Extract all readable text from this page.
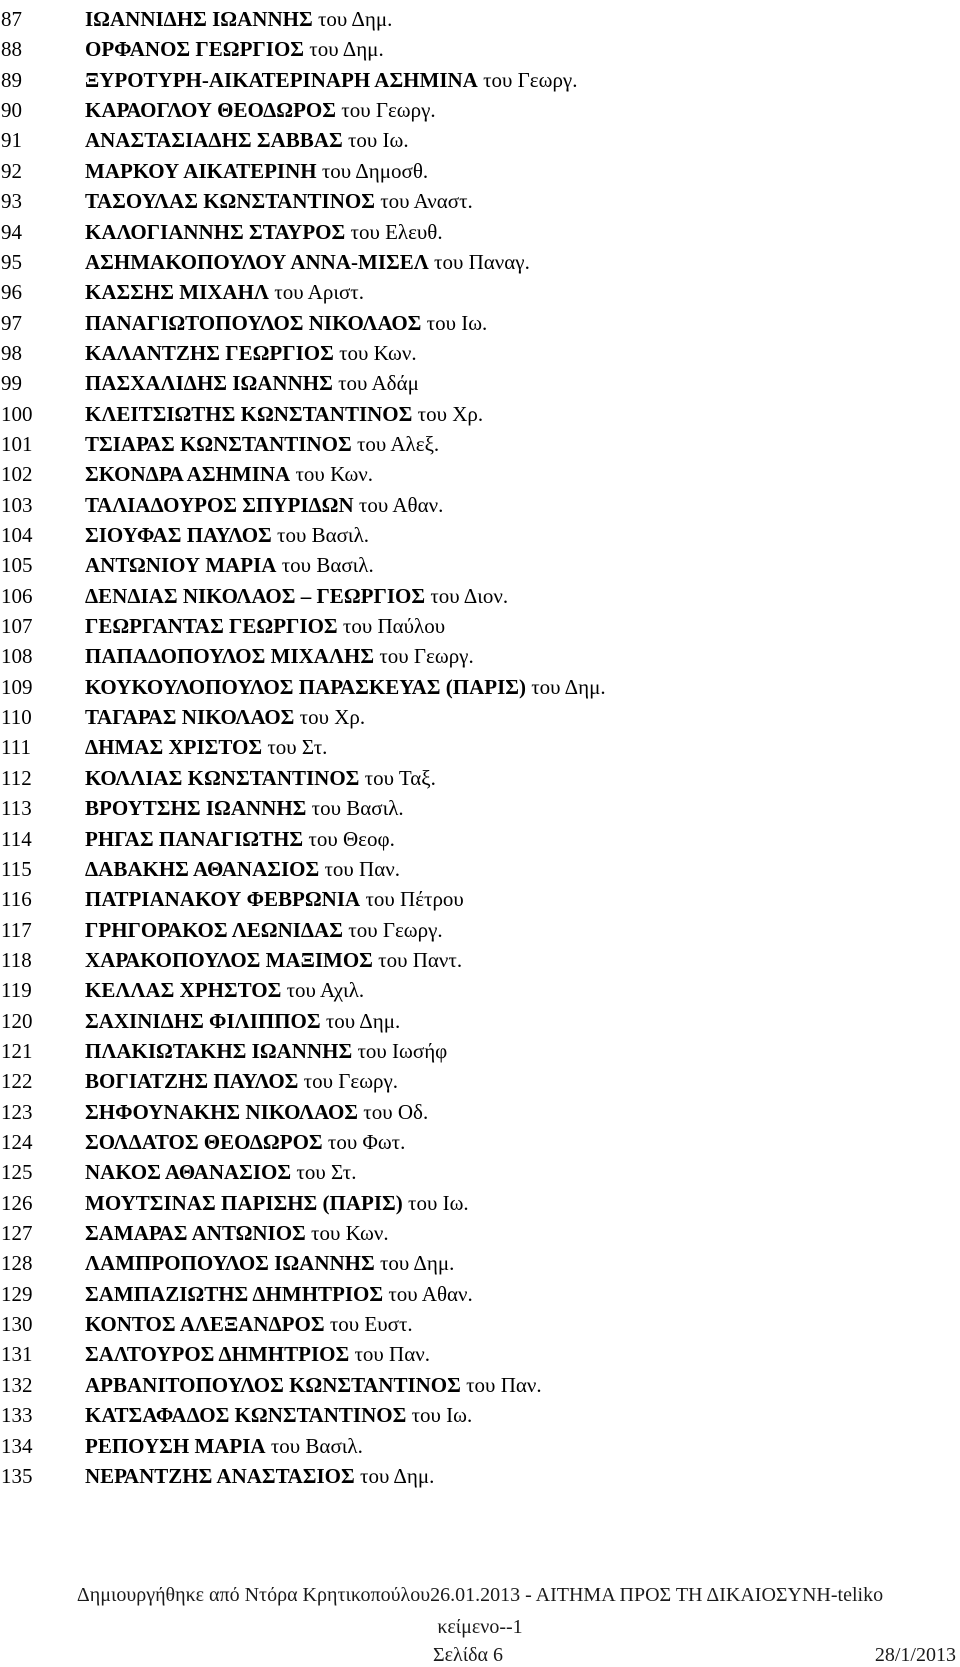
87	ΙΩΑΝΝΙΔΗΣ ΙΩΑΝΝΗΣ του Δημ.
88	ΟΡΦΑΝΟΣ ΓΕΩΡΓΙΟΣ του Δημ.
89	ΞΥΡΟΤΥΡΗ-ΑΙΚΑΤΕΡΙΝΑΡΗ ΑΣΗΜΙΝΑ του Γεωργ.
90	ΚΑΡΑΟΓΛΟΥ ΘΕΟΔΩΡΟΣ του Γεωργ.
91	ΑΝΑΣΤΑΣΙΑΔΗΣ ΣΑΒΒΑΣ του Ιω.
92	ΜΑΡΚΟΥ ΑΙΚΑΤΕΡΙΝΗ του Δημοσθ.
93	ΤΑΣΟΥΛΑΣ ΚΩΝΣΤΑΝΤΙΝΟΣ του Αναστ.
94	ΚΑΛΟΓΙΑΝΝΗΣ ΣΤΑΥΡΟΣ του Ελευθ.
95	ΑΣΗΜΑΚΟΠΟΥΛΟΥ ΑΝΝΑ-ΜΙΣΕΛ του Παναγ.
96	ΚΑΣΣΗΣ ΜΙΧΑΗΛ του Αριστ.
97	ΠΑΝΑΓΙΩΤΟΠΟΥΛΟΣ ΝΙΚΟΛΑΟΣ του Ιω.
98	ΚΑΛΑΝΤΖΗΣ ΓΕΩΡΓΙΟΣ του Κων.
99	ΠΑΣΧΑΛΙΔΗΣ ΙΩΑΝΝΗΣ του Αδάμ
100	ΚΛΕΙΤΣΙΩΤΗΣ ΚΩΝΣΤΑΝΤΙΝΟΣ του Χρ.
101	ΤΣΙΑΡΑΣ ΚΩΝΣΤΑΝΤΙΝΟΣ του Αλεξ.
102	ΣΚΟΝΔΡΑ ΑΣΗΜΙΝΑ του Κων.
103	ΤΑΛΙΑΔΟΥΡΟΣ ΣΠΥΡΙΔΩΝ του Αθαν.
104	ΣΙΟΥΦΑΣ ΠΑΥΛΟΣ του Βασιλ.
105	ΑΝΤΩΝΙΟΥ ΜΑΡΙΑ του Βασιλ.
106	ΔΕΝΔΙΑΣ ΝΙΚΟΛΑΟΣ – ΓΕΩΡΓΙΟΣ του Διον.
107	ΓΕΩΡΓΑΝΤΑΣ ΓΕΩΡΓΙΟΣ του Παύλου
108	ΠΑΠΑΔΟΠΟΥΛΟΣ ΜΙΧΑΛΗΣ του Γεωργ.
109	ΚΟΥΚΟΥΛΟΠΟΥΛΟΣ ΠΑΡΑΣΚΕΥΑΣ (ΠΑΡΙΣ) του Δημ.
110	ΤΑΓΑΡΑΣ ΝΙΚΟΛΑΟΣ του Χρ.
111	ΔΗΜΑΣ ΧΡΙΣΤΟΣ του Στ.
112	ΚΟΛΛΙΑΣ ΚΩΝΣΤΑΝΤΙΝΟΣ του Ταξ.
113	ΒΡΟΥΤΣΗΣ ΙΩΑΝΝΗΣ του Βασιλ.
114	ΡΗΓΑΣ ΠΑΝΑΓΙΩΤΗΣ του Θεοφ.
115	ΔΑΒΑΚΗΣ ΑΘΑΝΑΣΙΟΣ του Παν.
116	ΠΑΤΡΙΑΝΑΚΟΥ ΦΕΒΡΩΝΙΑ του Πέτρου
117	ΓΡΗΓΟΡΑΚΟΣ ΛΕΩΝΙΔΑΣ του Γεωργ.
118	ΧΑΡΑΚΟΠΟΥΛΟΣ ΜΑΞΙΜΟΣ του Παντ.
119	ΚΕΛΛΑΣ ΧΡΗΣΤΟΣ του Αχιλ.
120	ΣΑΧΙΝΙΔΗΣ ΦΙΛΙΠΠΟΣ του Δημ.
121	ΠΛΑΚΙΩΤΑΚΗΣ ΙΩΑΝΝΗΣ του Ιωσήφ
122	ΒΟΓΙΑΤΖΗΣ ΠΑΥΛΟΣ του Γεωργ.
123	ΣΗΦΟΥΝΑΚΗΣ ΝΙΚΟΛΑΟΣ του Οδ.
124	ΣΟΛΔΑΤΟΣ ΘΕΟΔΩΡΟΣ του Φωτ.
125	ΝΑΚΟΣ ΑΘΑΝΑΣΙΟΣ του Στ.
126	ΜΟΥΤΣΙΝΑΣ ΠΑΡΙΣΗΣ (ΠΑΡΙΣ) του Ιω.
127	ΣΑΜΑΡΑΣ ΑΝΤΩΝΙΟΣ του Κων.
128	ΛΑΜΠΡΟΠΟΥΛΟΣ ΙΩΑΝΝΗΣ του Δημ.
129	ΣΑΜΠΑΖΙΩΤΗΣ ΔΗΜΗΤΡΙΟΣ του Αθαν.
130	ΚΟΝΤΟΣ ΑΛΕΞΑΝΔΡΟΣ του Ευστ.
131	ΣΑΛΤΟΥΡΟΣ ΔΗΜΗΤΡΙΟΣ του Παν.
132	ΑΡΒΑΝΙΤΟΠΟΥΛΟΣ ΚΩΝΣΤΑΝΤΙΝΟΣ του Παν.
133	ΚΑΤΣΑΦΑΔΟΣ ΚΩΝΣΤΑΝΤΙΝΟΣ του Ιω.
134	ΡΕΠΟΥΣΗ ΜΑΡΙΑ του Βασιλ.
135	ΝΕΡΑΝΤΖΗΣ ΑΝΑΣΤΑΣΙΟΣ του Δημ.
Δημιουργήθηκε από Ντόρα Κρητικοπούλου26.01.2013 - ΑΙΤΗΜΑ ΠΡΟΣ ΤΗ ΔΙΚΑΙΟΣΥΝΗ-teliko
κείμενο--1
Σελίδα 6	28/1/2013
